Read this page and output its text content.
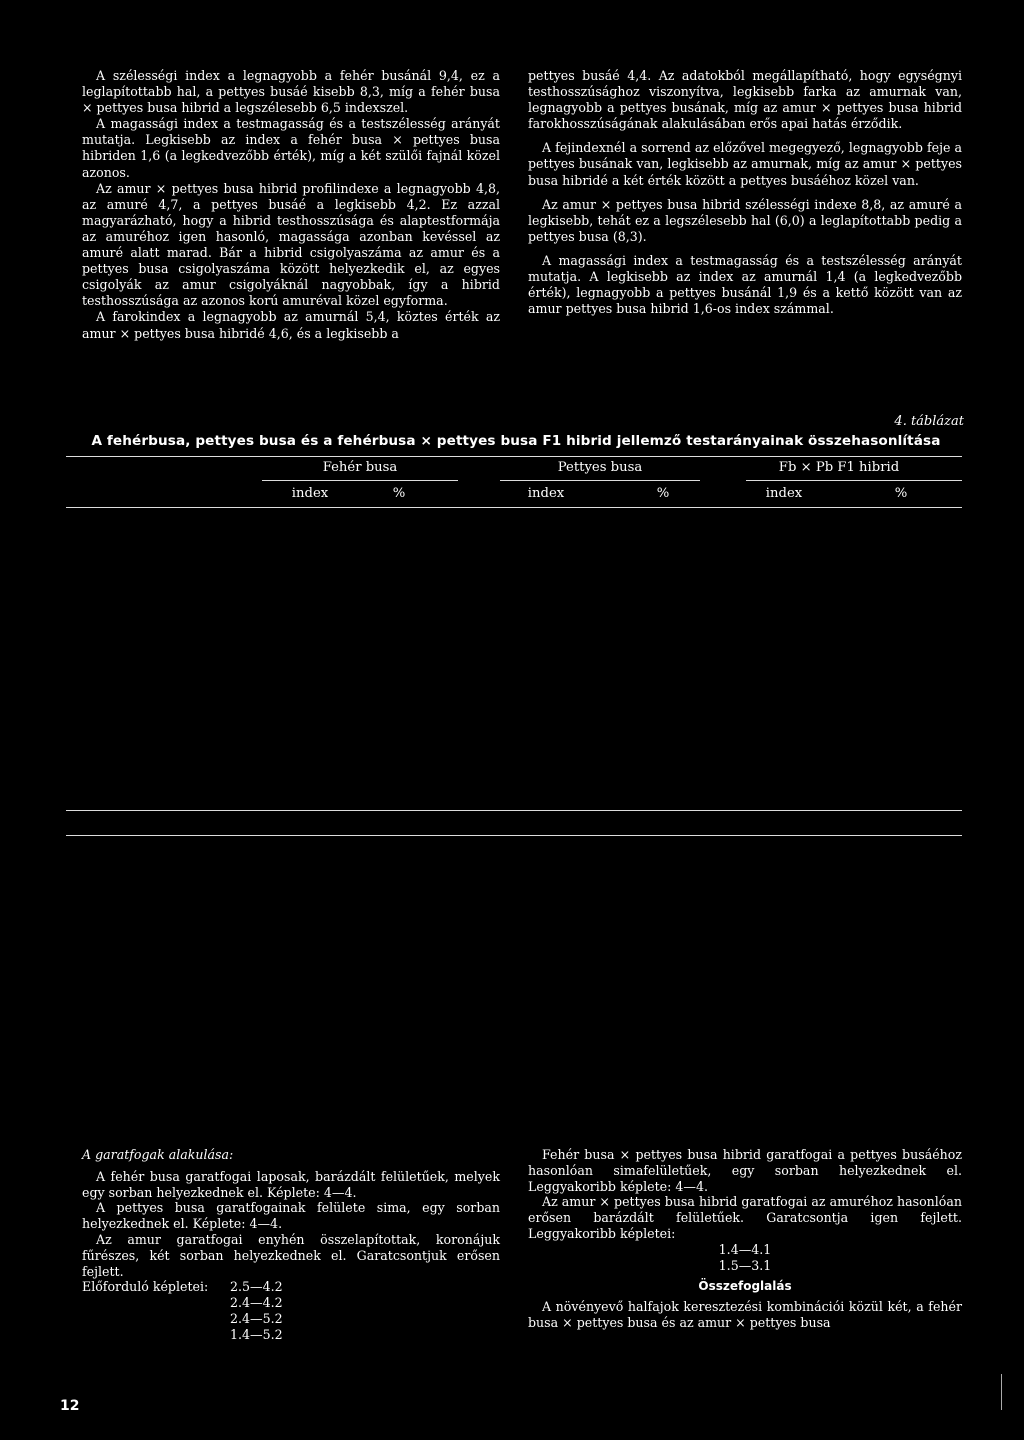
A szélességi index a legnagyobb a fehér busánál 9,4, ez a leglapítottabb hal, a pettyes busáé kisebb 8,3, míg a fehér busa × pettyes busa hibrid a legszélesebb 6,5 indexszel.

A magassági index a testmagasság és a testszélesség arányát mutatja. Legkisebb az index a fehér busa × pettyes busa hibriden 1,6 (a legkedvezőbb érték), míg a két szülői fajnál közel azonos.

Az amur × pettyes busa hibrid profilindexe a legnagyobb 4,8, az amuré 4,7, a pettyes busáé a legkisebb 4,2. Ez azzal magyarázható, hogy a hibrid testhosszúsága és alaptestformája az amuréhoz igen hasonló, magassága azonban kevéssel az amuré alatt marad. Bár a hibrid csigolyaszáma az amur és a pettyes busa csigolyaszáma között helyezkedik el, az egyes csigolyák az amur csigolyáknál nagyobbak, így a hibrid testhosszúsága az azonos korú amuréval közel egyforma.

A farokindex a legnagyobb az amurnál 5,4, köztes érték az amur × pettyes busa hibridé 4,6, és a legkisebb a

pettyes busáé 4,4. Az adatokból megállapítható, hogy egységnyi testhosszúsághoz viszonyítva, legkisebb farka az amurnak van, legnagyobb a pettyes busának, míg az amur × pettyes busa hibrid farokhosszúságának alakulásában erős apai hatás érződik.

A fejindexnél a sorrend az előzővel megegyező, legnagyobb feje a pettyes busának van, legkisebb az amurnak, míg az amur × pettyes busa hibridé a két érték között a pettyes busáéhoz közel van.

Az amur × pettyes busa hibrid szélességi indexe 8,8, az amuré a legkisebb, tehát ez a legszélesebb hal (6,0) a leglapítottabb pedig a pettyes busa (8,3).

A magassági index a testmagasság és a testszélesség arányát mutatja. A legkisebb az index az amurnál 1,4 (a legkedvezőbb érték), legnagyobb a pettyes busánál 1,9 és a kettő között van az amur pettyes busa hibrid 1,6-os index számmal.

4. táblázat
A fehérbusa, pettyes busa és a fehérbusa × pettyes busa F1 hibrid jellemző testarányainak összehasonlítása
Fehér busa	Pettyes busa	Fb × Pb F1 hibrid
index	%	index	%	index	%

A garatfogak alakulása:

A fehér busa garatfogai laposak, barázdált felületűek, melyek egy sorban helyezkednek el. Képlete: 4—4.

A pettyes busa garatfogainak felülete sima, egy sorban helyezkednek el. Képlete: 4—4.

Az amur garatfogai enyhén összelapítottak, koronájuk fűrészes, két sorban helyezkednek el. Garatcsontjuk erősen fejlett.

Előforduló képletei:	2.5—4.2
2.4—4.2
2.4—5.2
1.4—5.2

Fehér busa × pettyes busa hibrid garatfogai a pettyes busáéhoz hasonlóan simafelületűek, egy sorban helyezkednek el. Leggyakoribb képlete: 4—4.

Az amur × pettyes busa hibrid garatfogai az amuréhoz hasonlóan erősen barázdált felületűek. Garatcsontja igen fejlett. Leggyakoribb képletei:

1.4—4.1

1.5—3.1

Összefoglalás

A növényevő halfajok keresztezési kombinációi közül két, a fehér busa × pettyes busa és az amur × pettyes busa

12
